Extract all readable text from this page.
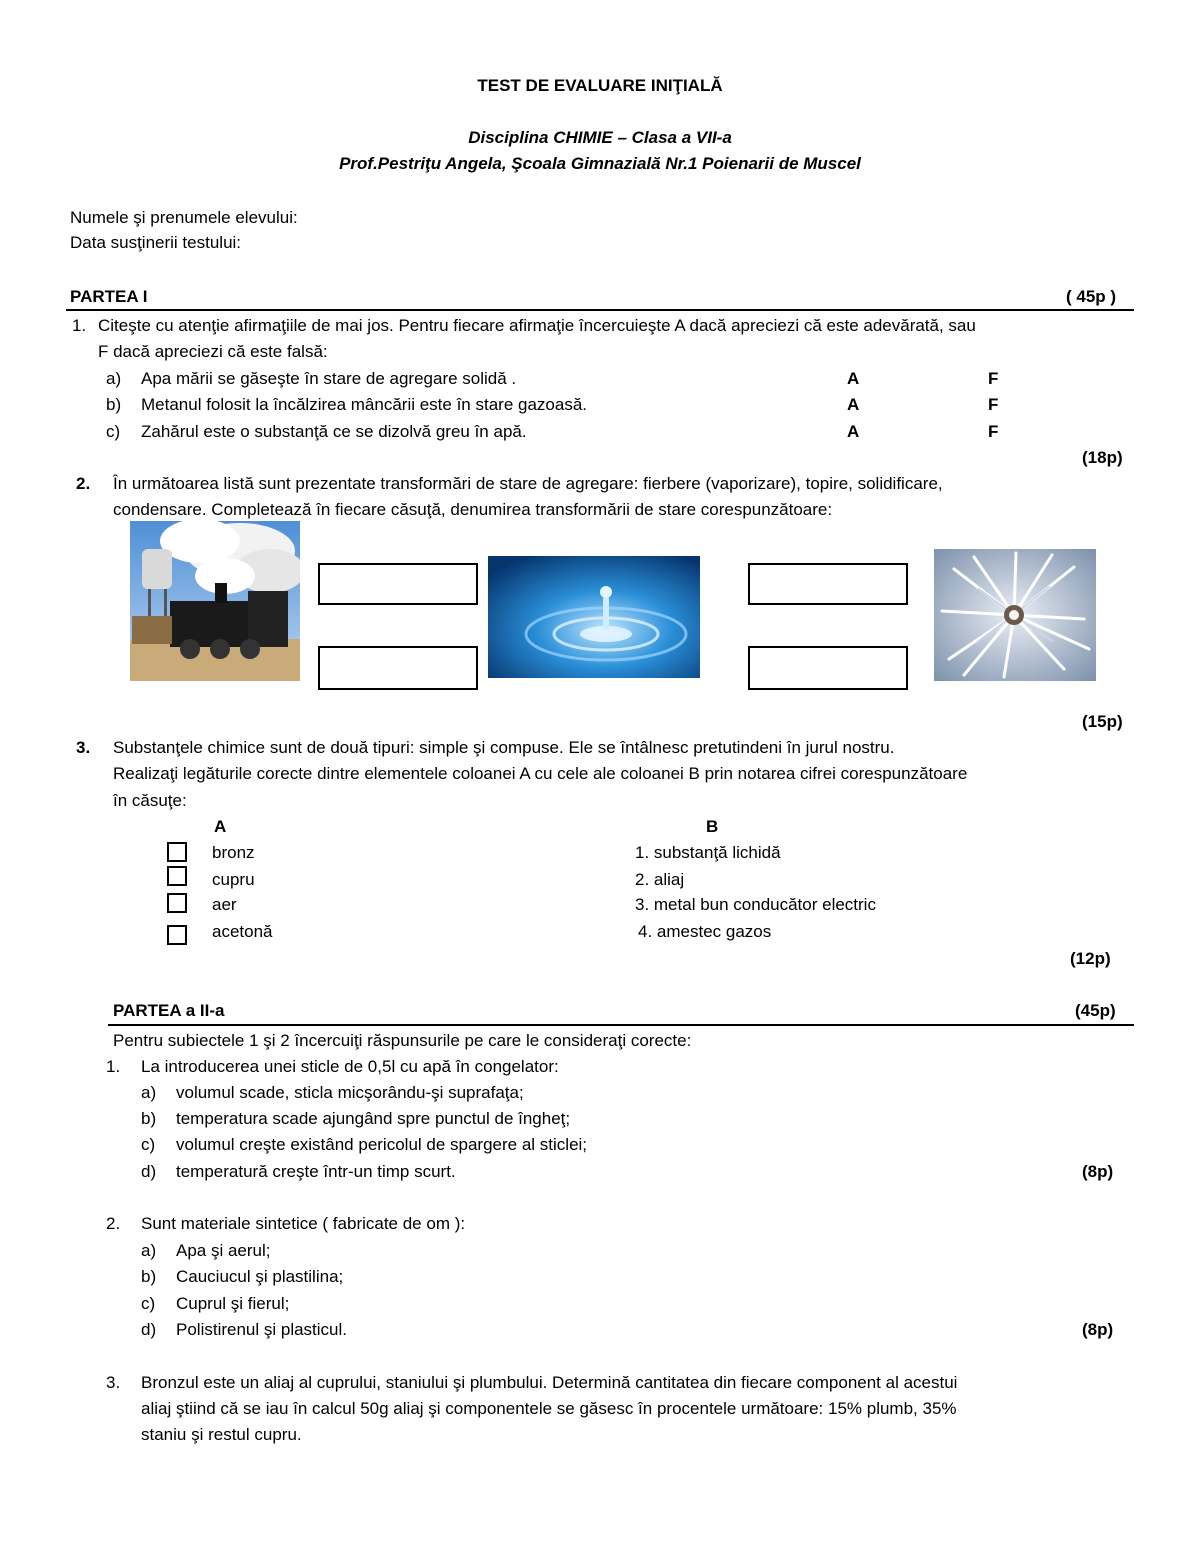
TEST DE EVALUARE INIŢIALĂ
Disciplina CHIMIE – Clasa a VII-a
Prof.Pestriţu Angela, Şcoala Gimnazială Nr.1 Poienarii de Muscel
Numele şi prenumele elevului:
Data susţinerii testului:
PARTEA I	( 45p )
1. Citeşte cu atenţie afirmaţiile de mai jos. Pentru fiecare afirmaţie încercuieşte A dacă apreciezi că este adevărată, sau
F dacă apreciezi că este falsă:
a) Apa mării se găseşte în stare de agregare solidă .	A	F
b) Metanul folosit la încălzirea mâncării este în stare gazoasă.	A	F
c) Zahărul este o substanţă ce se dizolvă greu în apă.	A	F
(18p)
2. În următoarea listă sunt prezentate transformări de stare de agregare: fierbere (vaporizare), topire, solidificare,
condensare. Completează în fiecare căsuţă, denumirea transformării de stare corespunzătoare:
(15p)
3. Substanţele chimice sunt de două tipuri: simple şi compuse. Ele se întâlnesc pretutindeni în jurul nostru.
Realizaţi legăturile corecte dintre elementele coloanei A cu cele ale coloanei B prin notarea cifrei corespunzătoare
în căsuţe:
A	B
bronz	1. substanţă lichidă
cupru	2. aliaj
aer	3. metal bun conducător electric
acetonă	4. amestec gazos
(12p)
PARTEA a II-a	(45p)
Pentru subiectele 1 şi 2 încercuiţi răspunsurile pe care le consideraţi corecte:
1. La introducerea unei sticle de 0,5l cu apă în congelator:
a) volumul scade, sticla micşorându-şi suprafaţa;
b) temperatura scade ajungând spre punctul de îngheţ;
c) volumul creşte existând pericolul de spargere al sticlei;
d) temperatură creşte într-un timp scurt.	(8p)
2. Sunt materiale sintetice ( fabricate de om ):
a) Apa şi aerul;
b) Cauciucul şi plastilina;
c) Cuprul şi fierul;
d) Polistirenul şi plasticul.	(8p)
3. Bronzul este un aliaj al cuprului, staniului şi plumbului. Determină cantitatea din fiecare component al acestui
aliaj ştiind că se iau în calcul 50g aliaj şi componentele se găsesc în procentele următoare: 15% plumb, 35%
staniu şi restul cupru.
